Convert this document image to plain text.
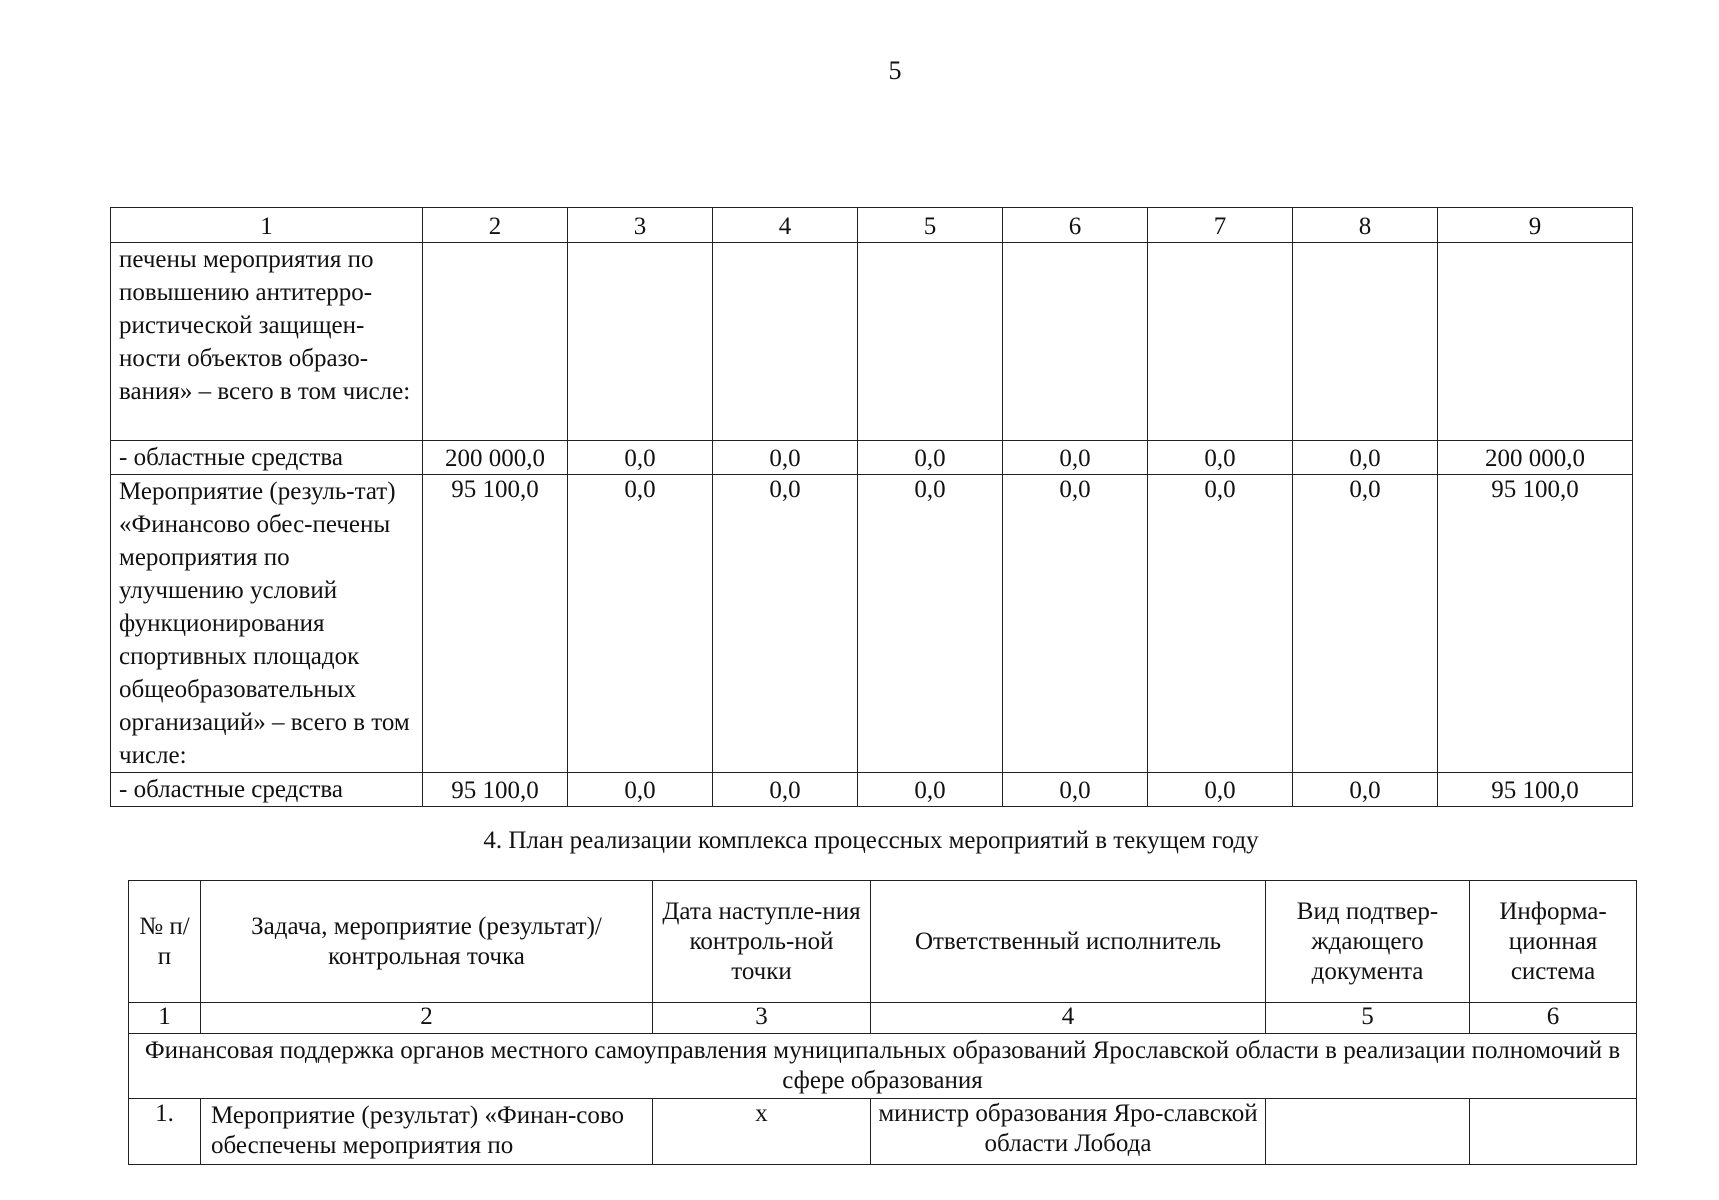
5
1	2	3	4	5	6	7	8	9
печены мероприятия по повышению антитерро-ристической защищен-ности объектов образо-вания» – всего в том числе:								
- областные средства	200 000,0	0,0	0,0	0,0	0,0	0,0	0,0	200 000,0
Мероприятие (резуль-тат) «Финансово обес-печены мероприятия по улучшению условий функционирования спортивных площадок общеобразовательных организаций» – всего в том числе:	95 100,0	0,0	0,0	0,0	0,0	0,0	0,0	95 100,0
- областные средства	95 100,0	0,0	0,0	0,0	0,0	0,0	0,0	95 100,0
4. План реализации комплекса процессных мероприятий в текущем году
№ п/п	Задача, мероприятие (результат)/ контрольная точка	Дата наступле-ния контроль-ной точки	Ответственный исполнитель	Вид подтвер-ждающего документа	Информа-ционная система
1	2	3	4	5	6
Финансовая поддержка органов местного самоуправления муниципальных образований Ярославской области в реализации полномочий в сфере образования					
1.	Мероприятие (результат) «Финан-сово обеспечены мероприятия по	х	министр образования Яро-славской области Лобода		
